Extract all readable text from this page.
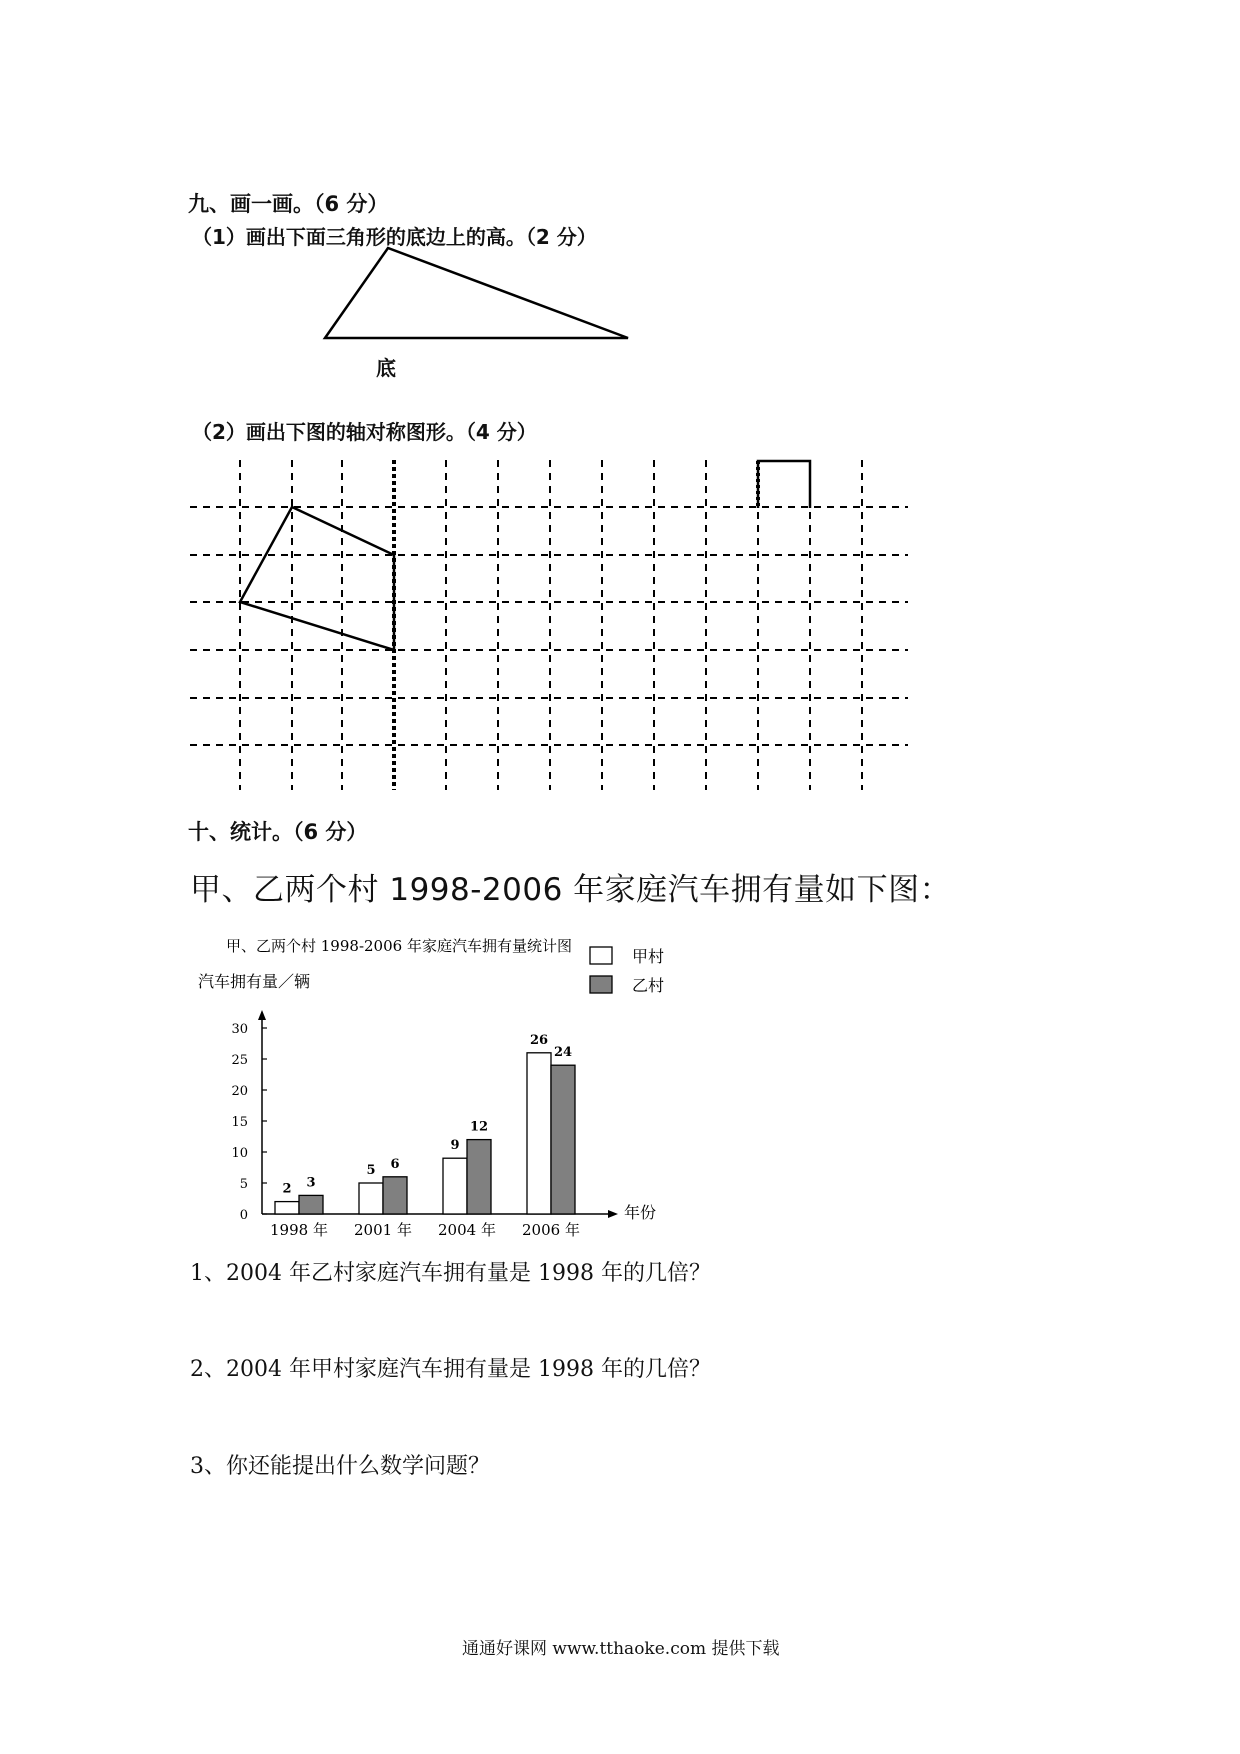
九、画一画。（6 分）
（1）画出下面三角形的底边上的高。（2 分）
底
（2）画出下图的轴对称图形。（4 分）
甲、乙两个村 1998-2006 年家庭汽车拥有量统计图
汽车拥有量／辆
年份
甲村
乙村
0
5
10
15
20
25
30
1998 年 2001 年 2004 年 2006 年
2 3
5 6
9
12
26
24
十、统计。（6 分）
甲、乙两个村 1998-2006 年家庭汽车拥有量如下图：
1、2004 年乙村家庭汽车拥有量是 1998 年的几倍？
2、2004 年甲村家庭汽车拥有量是 1998 年的几倍？
3、你还能提出什么数学问题？
通通好课网 www.tthaoke.com 提供下载
